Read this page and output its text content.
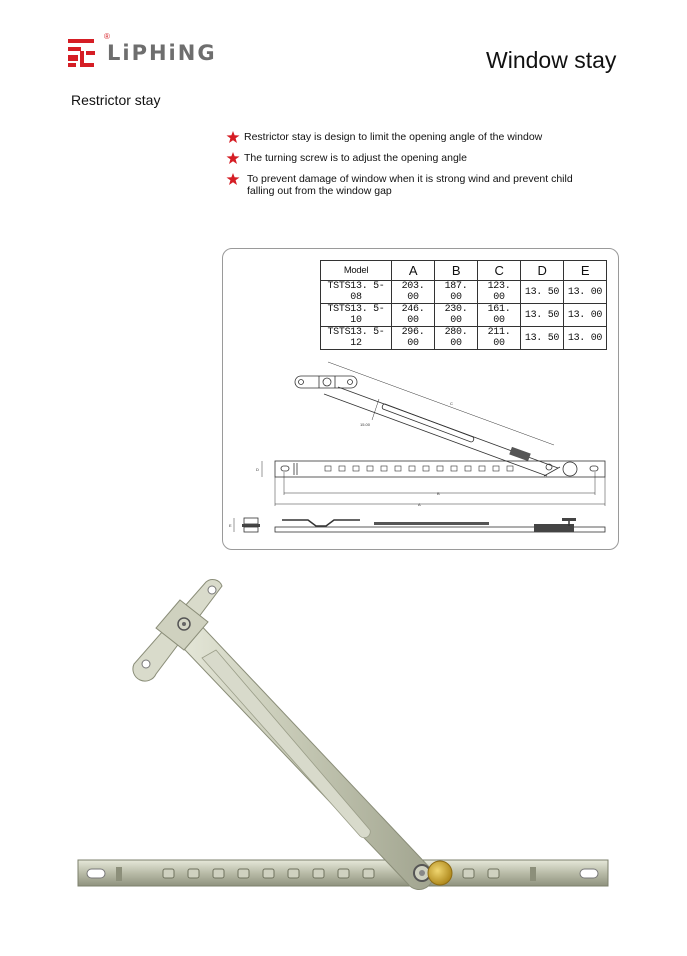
®
LiPHiNG	Window stay
Restrictor stay
Restrictor stay is design to limit the opening angle of the window
The turning screw is to adjust the opening angle
To prevent damage of window when it is strong wind and prevent child falling out from the window gap
Model	A	B	C	D	E
TSTS13. 5-08	203. 00	187. 00	123. 00	13. 50	13. 00
TSTS13. 5-10	246. 00	230. 00	161. 00	13. 50	13. 00
TSTS13. 5-12	296. 00	280. 00	211. 00	13. 50	13. 00
C
15.00
D
B
A
E
